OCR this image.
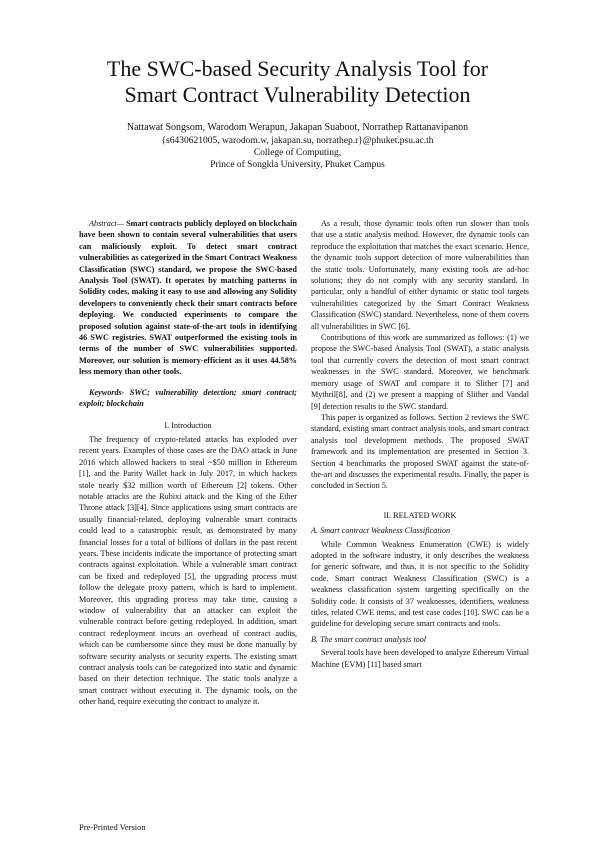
The SWC-based Security Analysis Tool for
Smart Contract Vulnerability Detection
Nattawat Songsom, Warodom Werapun, Jakapan Suaboot, Norrathep Rattanavipanon
{s6430621005, warodom.w, jakapan.su, norrathep.r}@phuket.psu.ac.th
College of Computing,
Prince of Songkla University, Phuket Campus

Abstract— Smart contracts publicly deployed on blockchain have been shown to contain several vulnerabilities that users can maliciously exploit. To detect smart contract vulnerabilities as categorized in the Smart Contract Weakness Classification (SWC) standard, we propose the SWC-based Analysis Tool (SWAT). It operates by matching patterns in Solidity codes, making it easy to use and allowing any Solidity developers to conveniently check their smart contracts before deploying. We conducted experiments to compare the proposed solution against state-of-the-art tools in identifying 46 SWC registries. SWAT outperformed the existing tools in terms of the number of SWC vulnerabilities supported. Moreover, our solution is memory-efficient as it uses 44.58% less memory than other tools.

Keywords- SWC; vulnerability detection; smart contract; exploit; blockchain

I. Introduction

The frequency of crypto-related attacks has exploded over recent years. Examples of those cases are the DAO attack in June 2016 which allowed hackers to steal ~$50 million in Ethereum [1], and the Parity Wallet hack in July 2017, in which hackers stole nearly $32 million worth of Ethereum [2] tokens. Other notable attacks are the Rubixi attack and the King of the Ether Throne attack [3][4]. Since applications using smart contracts are usually financial-related, deploying vulnerable smart contracts could lead to a catastrophic result, as demonstrated by many financial losses for a total of billions of dollars in the past recent years. These incidents indicate the importance of protecting smart contracts against exploitation. While a vulnerable smart contract can be fixed and redeployed [5], the upgrading process must follow the delegate proxy pattern, which is hard to implement. Moreover, this upgrading process may take time, causing a window of vulnerability that an attacker can exploit the vulnerable contract before getting redeployed. In addition, smart contract redeployment incurs an overhead of contract audits, which can be cumbersome since they must be done manually by software security analysts or security experts. The existing smart contract analysis tools can be categorized into static and dynamic based on their detection technique. The static tools analyze a smart contract without executing it. The dynamic tools, on the other hand, require executing the contract to analyze it.

As a result, those dynamic tools often run slower than tools that use a static analysis method. However, the dynamic tools can reproduce the exploitation that matches the exact scenario. Hence, the dynamic tools support detection of more vulnerabilities than the static tools. Unfortunately, many existing tools are ad-hoc solutions; they do not comply with any security standard. In particular, only a handful of either dynamic or static tool targets vulnerabilities categorized by the Smart Contract Weakness Classification (SWC) standard. Nevertheless, none of them covers all vulnerabilities in SWC [6].

Contributions of this work are summarized as follows: (1) we propose the SWC-based Analysis Tool (SWAT), a static analysis tool that currently covers the detection of most smart contract weaknesses in the SWC standard. Moreover, we benchmark memory usage of SWAT and compare it to Slither [7] and Mythril[8], and (2) we present a mapping of Slither and Vandal [9] detection results to the SWC standard.

This paper is organized as follows. Section 2 reviews the SWC standard, existing smart contract analysis tools, and smart contract analysis tool development methods. The proposed SWAT framework and its implementation are presented in Section 3. Section 4 benchmarks the proposed SWAT against the state-of-the-art and discusses the experimental results. Finally, the paper is concluded in Section 5.

II. RELATED WORK
A. Smart contract Weakness Classification

While Common Weakness Enumeration (CWE) is widely adopted in the software industry, it only describes the weakness for generic software, and thus, it is not specific to the Solidity code. Smart contract Weakness Classification (SWC) is a weakness classification system targetting specifically on the Solidity code. It consists of 37 weaknesses, identifiers, weakness titles, related CWE items, and test case codes [10]. SWC can be a guideline for developing secure smart contracts and tools.

B. The smart contract analysis tool

Several tools have been developed to analyze Ethereum Virtual Machine (EVM) [11] based smart

Pre-Printed Version
